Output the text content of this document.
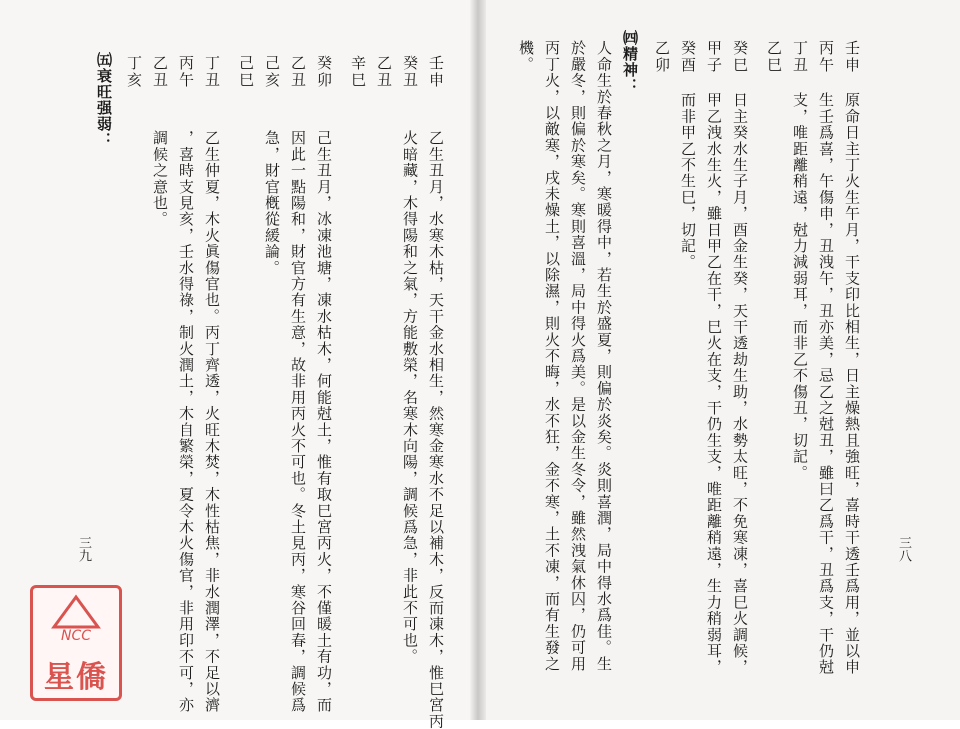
壬申
原命日主丁火生午月，干支印比相生，日主燥熱且強旺，喜時干透壬爲用，並以申
丙午
生壬爲喜，午傷申，丑洩午，丑亦美，忌乙之尅丑，雖曰乙爲干，丑爲支，干仍尅
丁丑
支，唯距離稍遠，尅力減弱耳，而非乙不傷丑，切記。
乙巳
癸巳
日主癸水生子月，酉金生癸，天干透劫生助，水勢太旺，不免寒凍，喜巳火調候，
甲子
甲乙洩水生火，雖日甲乙在干，巳火在支，干仍生支，唯距離稍遠，生力稍弱耳，
癸酉
而非甲乙不生巳，切記。
乙卯
㈣精神：
人命生於春秋之月，寒暖得中，若生於盛夏，則偏於炎矣。炎則喜潤，局中得水爲佳。生
於嚴冬，則偏於寒矣。寒則喜溫，局中得火爲美。是以金生冬令，雖然洩氣休囚，仍可用
丙丁火，以敵寒，戌未燥土，以除濕，則火不晦，水不狂，金不寒，土不凍，而有生發之
機。
三八
壬申
乙生丑月，水寒木枯，天干金水相生，然寒金寒水不足以補木，反而凍木，惟巳宮丙
癸丑
火暗藏，木得陽和之氣，方能敷榮，名寒木向陽，調候爲急，非此不可也。
乙丑
辛巳
癸卯
己生丑月，冰凍池塘，凍水枯木，何能尅土，惟有取巳宮丙火，不僅暖土有功，而
乙丑
因此一點陽和，財官方有生意，故非用丙火不可也。冬土見丙，寒谷回春，調候爲
己亥
急，財官槪從緩論。
己巳
丁丑
乙生仲夏，木火眞傷官也。丙丁齊透，火旺木焚，木性枯焦，非水潤澤，不足以濟
丙午
，喜時支見亥，壬水得祿，制火潤土，木自繁榮，夏令木火傷官，非用印不可，亦
乙丑
調候之意也。
丁亥
㈤衰旺强弱：
三九
NCC
星僑
